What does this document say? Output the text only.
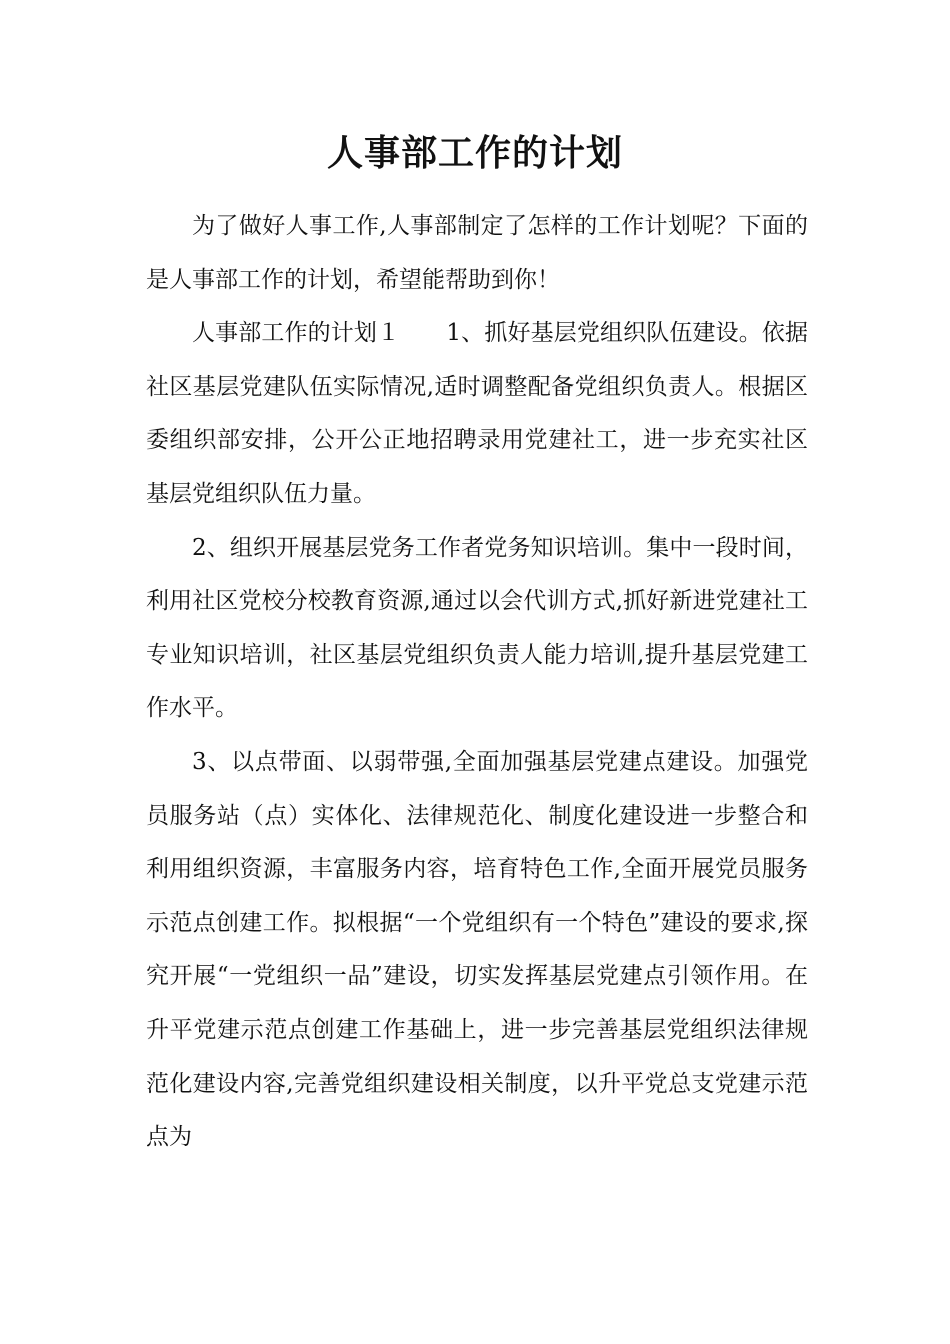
人事部工作的计划

为了做好人事工作,人事部制定了怎样的工作计划呢？下面的是人事部工作的计划，希望能帮助到你！

人事部工作的计划１　　1、抓好基层党组织队伍建设。依据社区基层党建队伍实际情况,适时调整配备党组织负责人。根据区委组织部安排，公开公正地招聘录用党建社工，进一步充实社区基层党组织队伍力量。

2、组织开展基层党务工作者党务知识培训。集中一段时间，利用社区党校分校教育资源,通过以会代训方式,抓好新进党建社工专业知识培训，社区基层党组织负责人能力培训,提升基层党建工作水平。

3、以点带面、以弱带强,全面加强基层党建点建设。加强党员服务站（点）实体化、法律规范化、制度化建设进一步整合和利用组织资源，丰富服务内容，培育特色工作,全面开展党员服务示范点创建工作。拟根据“一个党组织有一个特色”建设的要求,探究开展“一党组织一品”建设，切实发挥基层党建点引领作用。在升平党建示范点创建工作基础上，进一步完善基层党组织法律规范化建设内容,完善党组织建设相关制度，以升平党总支党建示范点为
